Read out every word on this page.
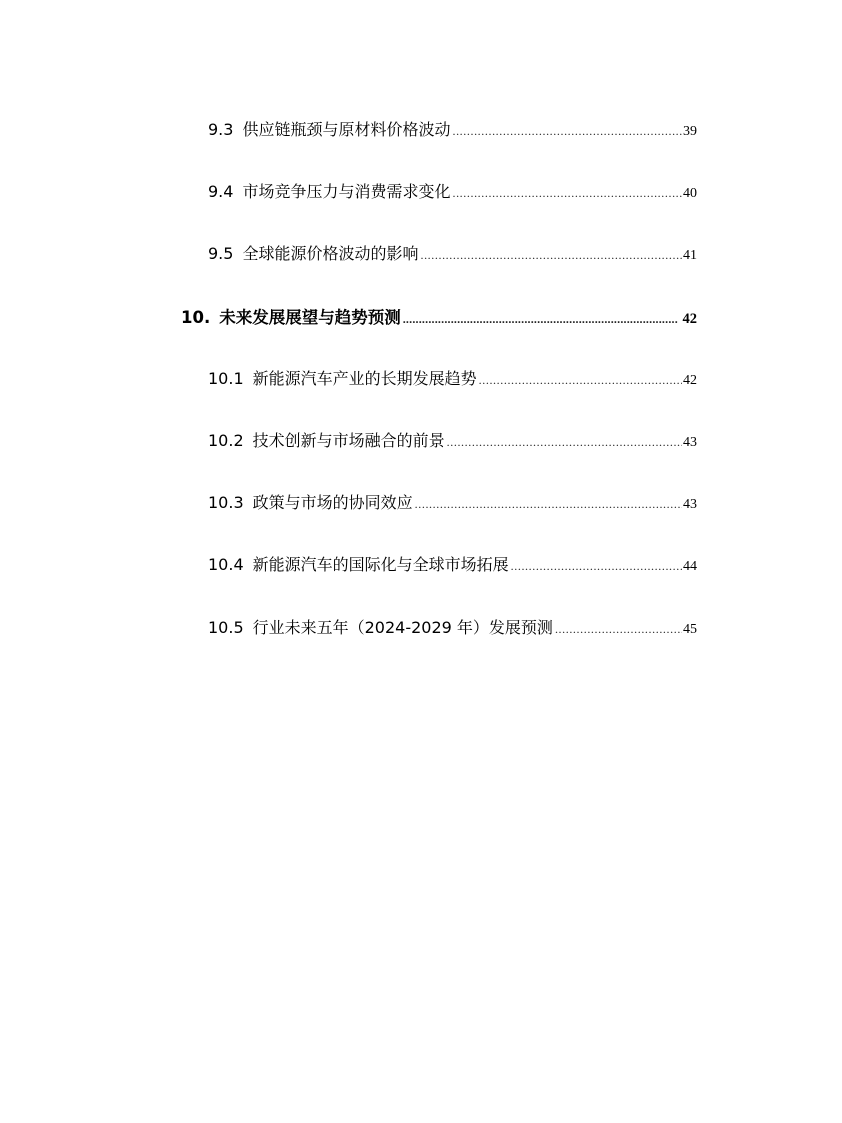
9.3 供应链瓶颈与原材料价格波动 .....	39
9.4 市场竞争压力与消费需求变化 .....	40
9.5 全球能源价格波动的影响 .....	41
10. 未来发展展望与趋势预测 .....	42
10.1 新能源汽车产业的长期发展趋势 .....	42
10.2 技术创新与市场融合的前景 .....	43
10.3 政策与市场的协同效应 .....	43
10.4 新能源汽车的国际化与全球市场拓展 .....	44
10.5 行业未来五年（2024-2029 年）发展预测 .....	45
